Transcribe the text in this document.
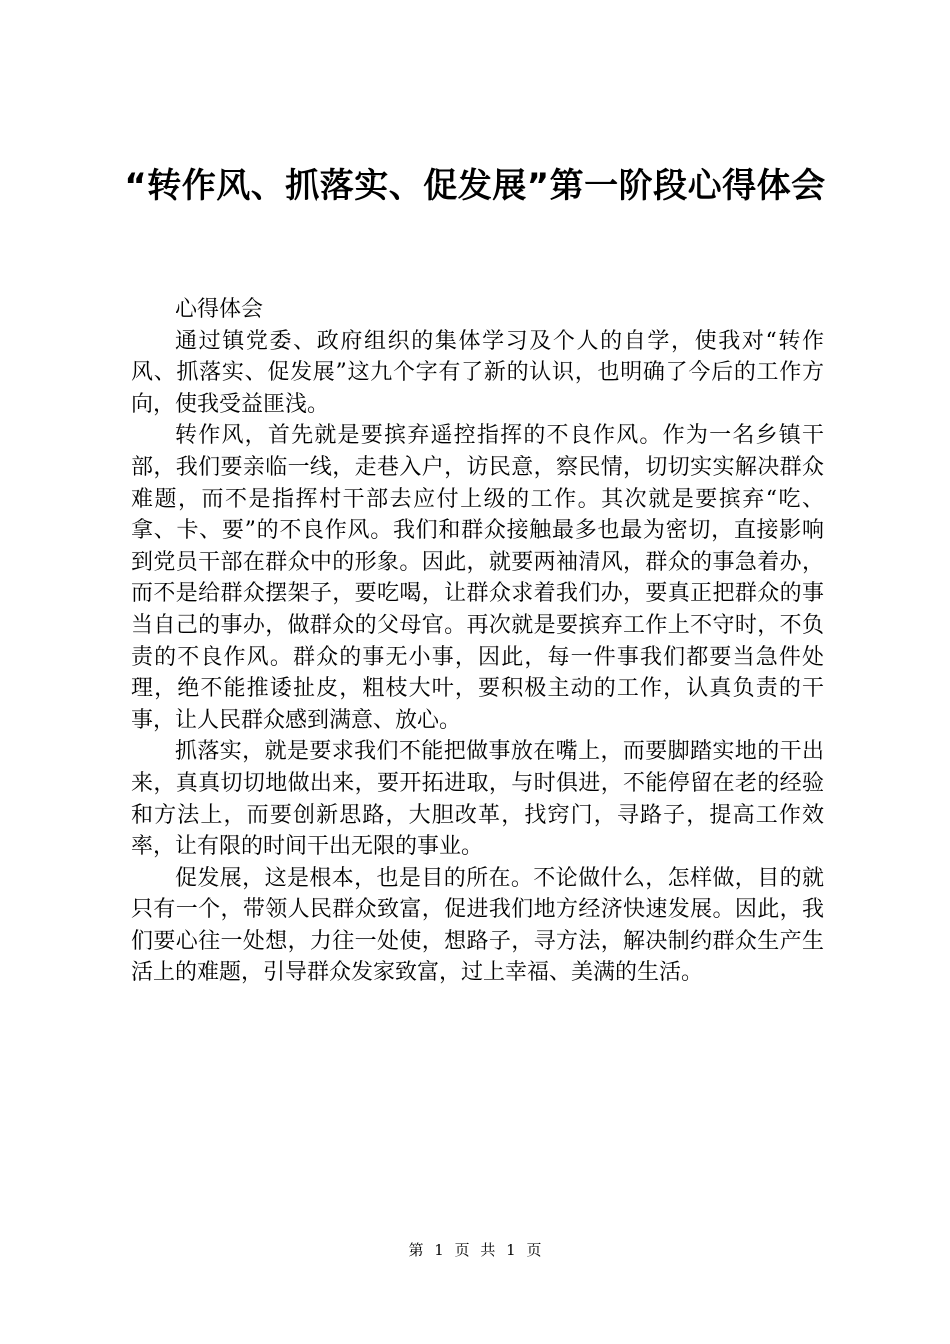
“转作风、抓落实、促发展”第一阶段心得体会

心得体会

通过镇党委、政府组织的集体学习及个人的自学，使我对“转作风、抓落实、促发展”这九个字有了新的认识，也明确了今后的工作方向，使我受益匪浅。

转作风，首先就是要摈弃遥控指挥的不良作风。作为一名乡镇干部，我们要亲临一线，走巷入户，访民意，察民情，切切实实解决群众难题，而不是指挥村干部去应付上级的工作。其次就是要摈弃“吃、拿、卡、要”的不良作风。我们和群众接触最多也最为密切，直接影响到党员干部在群众中的形象。因此，就要两袖清风，群众的事急着办，而不是给群众摆架子，要吃喝，让群众求着我们办，要真正把群众的事当自己的事办，做群众的父母官。再次就是要摈弃工作上不守时，不负责的不良作风。群众的事无小事，因此，每一件事我们都要当急件处理，绝不能推诿扯皮，粗枝大叶，要积极主动的工作，认真负责的干事，让人民群众感到满意、放心。

抓落实，就是要求我们不能把做事放在嘴上，而要脚踏实地的干出来，真真切切地做出来，要开拓进取，与时俱进，不能停留在老的经验和方法上，而要创新思路，大胆改革，找窍门，寻路子，提高工作效率，让有限的时间干出无限的事业。

促发展，这是根本，也是目的所在。不论做什么，怎样做，目的就只有一个，带领人民群众致富，促进我们地方经济快速发展。因此，我们要心往一处想，力往一处使，想路子，寻方法，解决制约群众生产生活上的难题，引导群众发家致富，过上幸福、美满的生活。

第 1 页 共 1 页
